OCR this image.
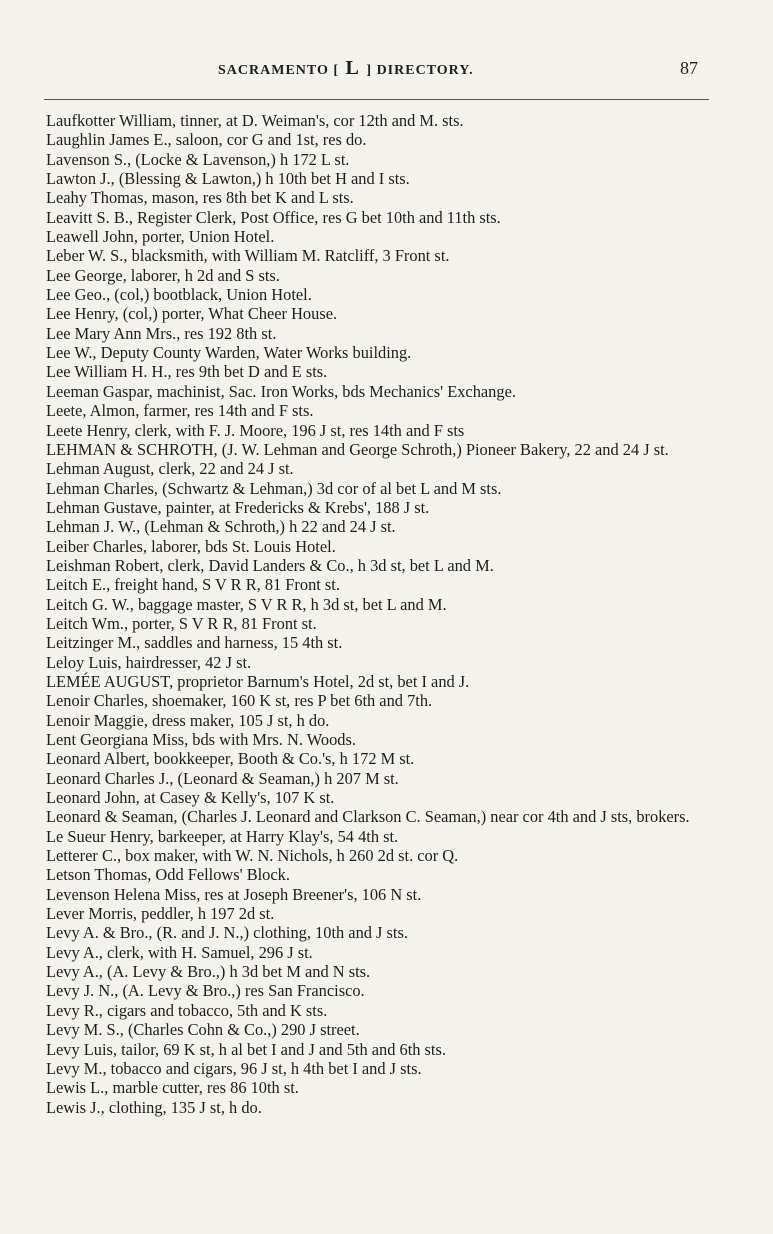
SACRAMENTO [ L ] DIRECTORY.	87
Laufkotter William, tinner, at D. Weiman's, cor 12th and M. sts.
Laughlin James E., saloon, cor G and 1st, res do.
Lavenson S., (Locke & Lavenson,) h 172 L st.
Lawton J., (Blessing & Lawton,) h 10th bet H and I sts.
Leahy Thomas, mason, res 8th bet K and L sts.
Leavitt S. B., Register Clerk, Post Office, res G bet 10th and 11th sts.
Leawell John, porter, Union Hotel.
Leber W. S., blacksmith, with William M. Ratcliff, 3 Front st.
Lee George, laborer, h 2d and S sts.
Lee Geo., (col,) bootblack, Union Hotel.
Lee Henry, (col,) porter, What Cheer House.
Lee Mary Ann Mrs., res 192 8th st.
Lee W., Deputy County Warden, Water Works building.
Lee William H. H., res 9th bet D and E sts.
Leeman Gaspar, machinist, Sac. Iron Works, bds Mechanics' Exchange.
Leete, Almon, farmer, res 14th and F sts.
Leete Henry, clerk, with F. J. Moore, 196 J st, res 14th and F sts
LEHMAN & SCHROTH, (J. W. Lehman and George Schroth,) Pioneer Bakery, 22 and 24 J st.
Lehman August, clerk, 22 and 24 J st.
Lehman Charles, (Schwartz & Lehman,) 3d cor of al bet L and M sts.
Lehman Gustave, painter, at Fredericks & Krebs', 188 J st.
Lehman J. W., (Lehman & Schroth,) h 22 and 24 J st.
Leiber Charles, laborer, bds St. Louis Hotel.
Leishman Robert, clerk, David Landers & Co., h 3d st, bet L and M.
Leitch E., freight hand, S V R R, 81 Front st.
Leitch G. W., baggage master, S V R R, h 3d st, bet L and M.
Leitch Wm., porter, S V R R, 81 Front st.
Leitzinger M., saddles and harness, 15 4th st.
Leloy Luis, hairdresser, 42 J st.
LEMÉE AUGUST, proprietor Barnum's Hotel, 2d st, bet I and J.
Lenoir Charles, shoemaker, 160 K st, res P bet 6th and 7th.
Lenoir Maggie, dress maker, 105 J st, h do.
Lent Georgiana Miss, bds with Mrs. N. Woods.
Leonard Albert, bookkeeper, Booth & Co.'s, h 172 M st.
Leonard Charles J., (Leonard & Seaman,) h 207 M st.
Leonard John, at Casey & Kelly's, 107 K st.
Leonard & Seaman, (Charles J. Leonard and Clarkson C. Seaman,) near cor 4th and J sts, brokers.
Le Sueur Henry, barkeeper, at Harry Klay's, 54 4th st.
Letterer C., box maker, with W. N. Nichols, h 260 2d st. cor Q.
Letson Thomas, Odd Fellows' Block.
Levenson Helena Miss, res at Joseph Breener's, 106 N st.
Lever Morris, peddler, h 197 2d st.
Levy A. & Bro., (R. and J. N.,) clothing, 10th and J sts.
Levy A., clerk, with H. Samuel, 296 J st.
Levy A., (A. Levy & Bro.,) h 3d bet M and N sts.
Levy J. N., (A. Levy & Bro.,) res San Francisco.
Levy R., cigars and tobacco, 5th and K sts.
Levy M. S., (Charles Cohn & Co.,) 290 J street.
Levy Luis, tailor, 69 K st, h al bet I and J and 5th and 6th sts.
Levy M., tobacco and cigars, 96 J st, h 4th bet I and J sts.
Lewis L., marble cutter, res 86 10th st.
Lewis J., clothing, 135 J st, h do.
